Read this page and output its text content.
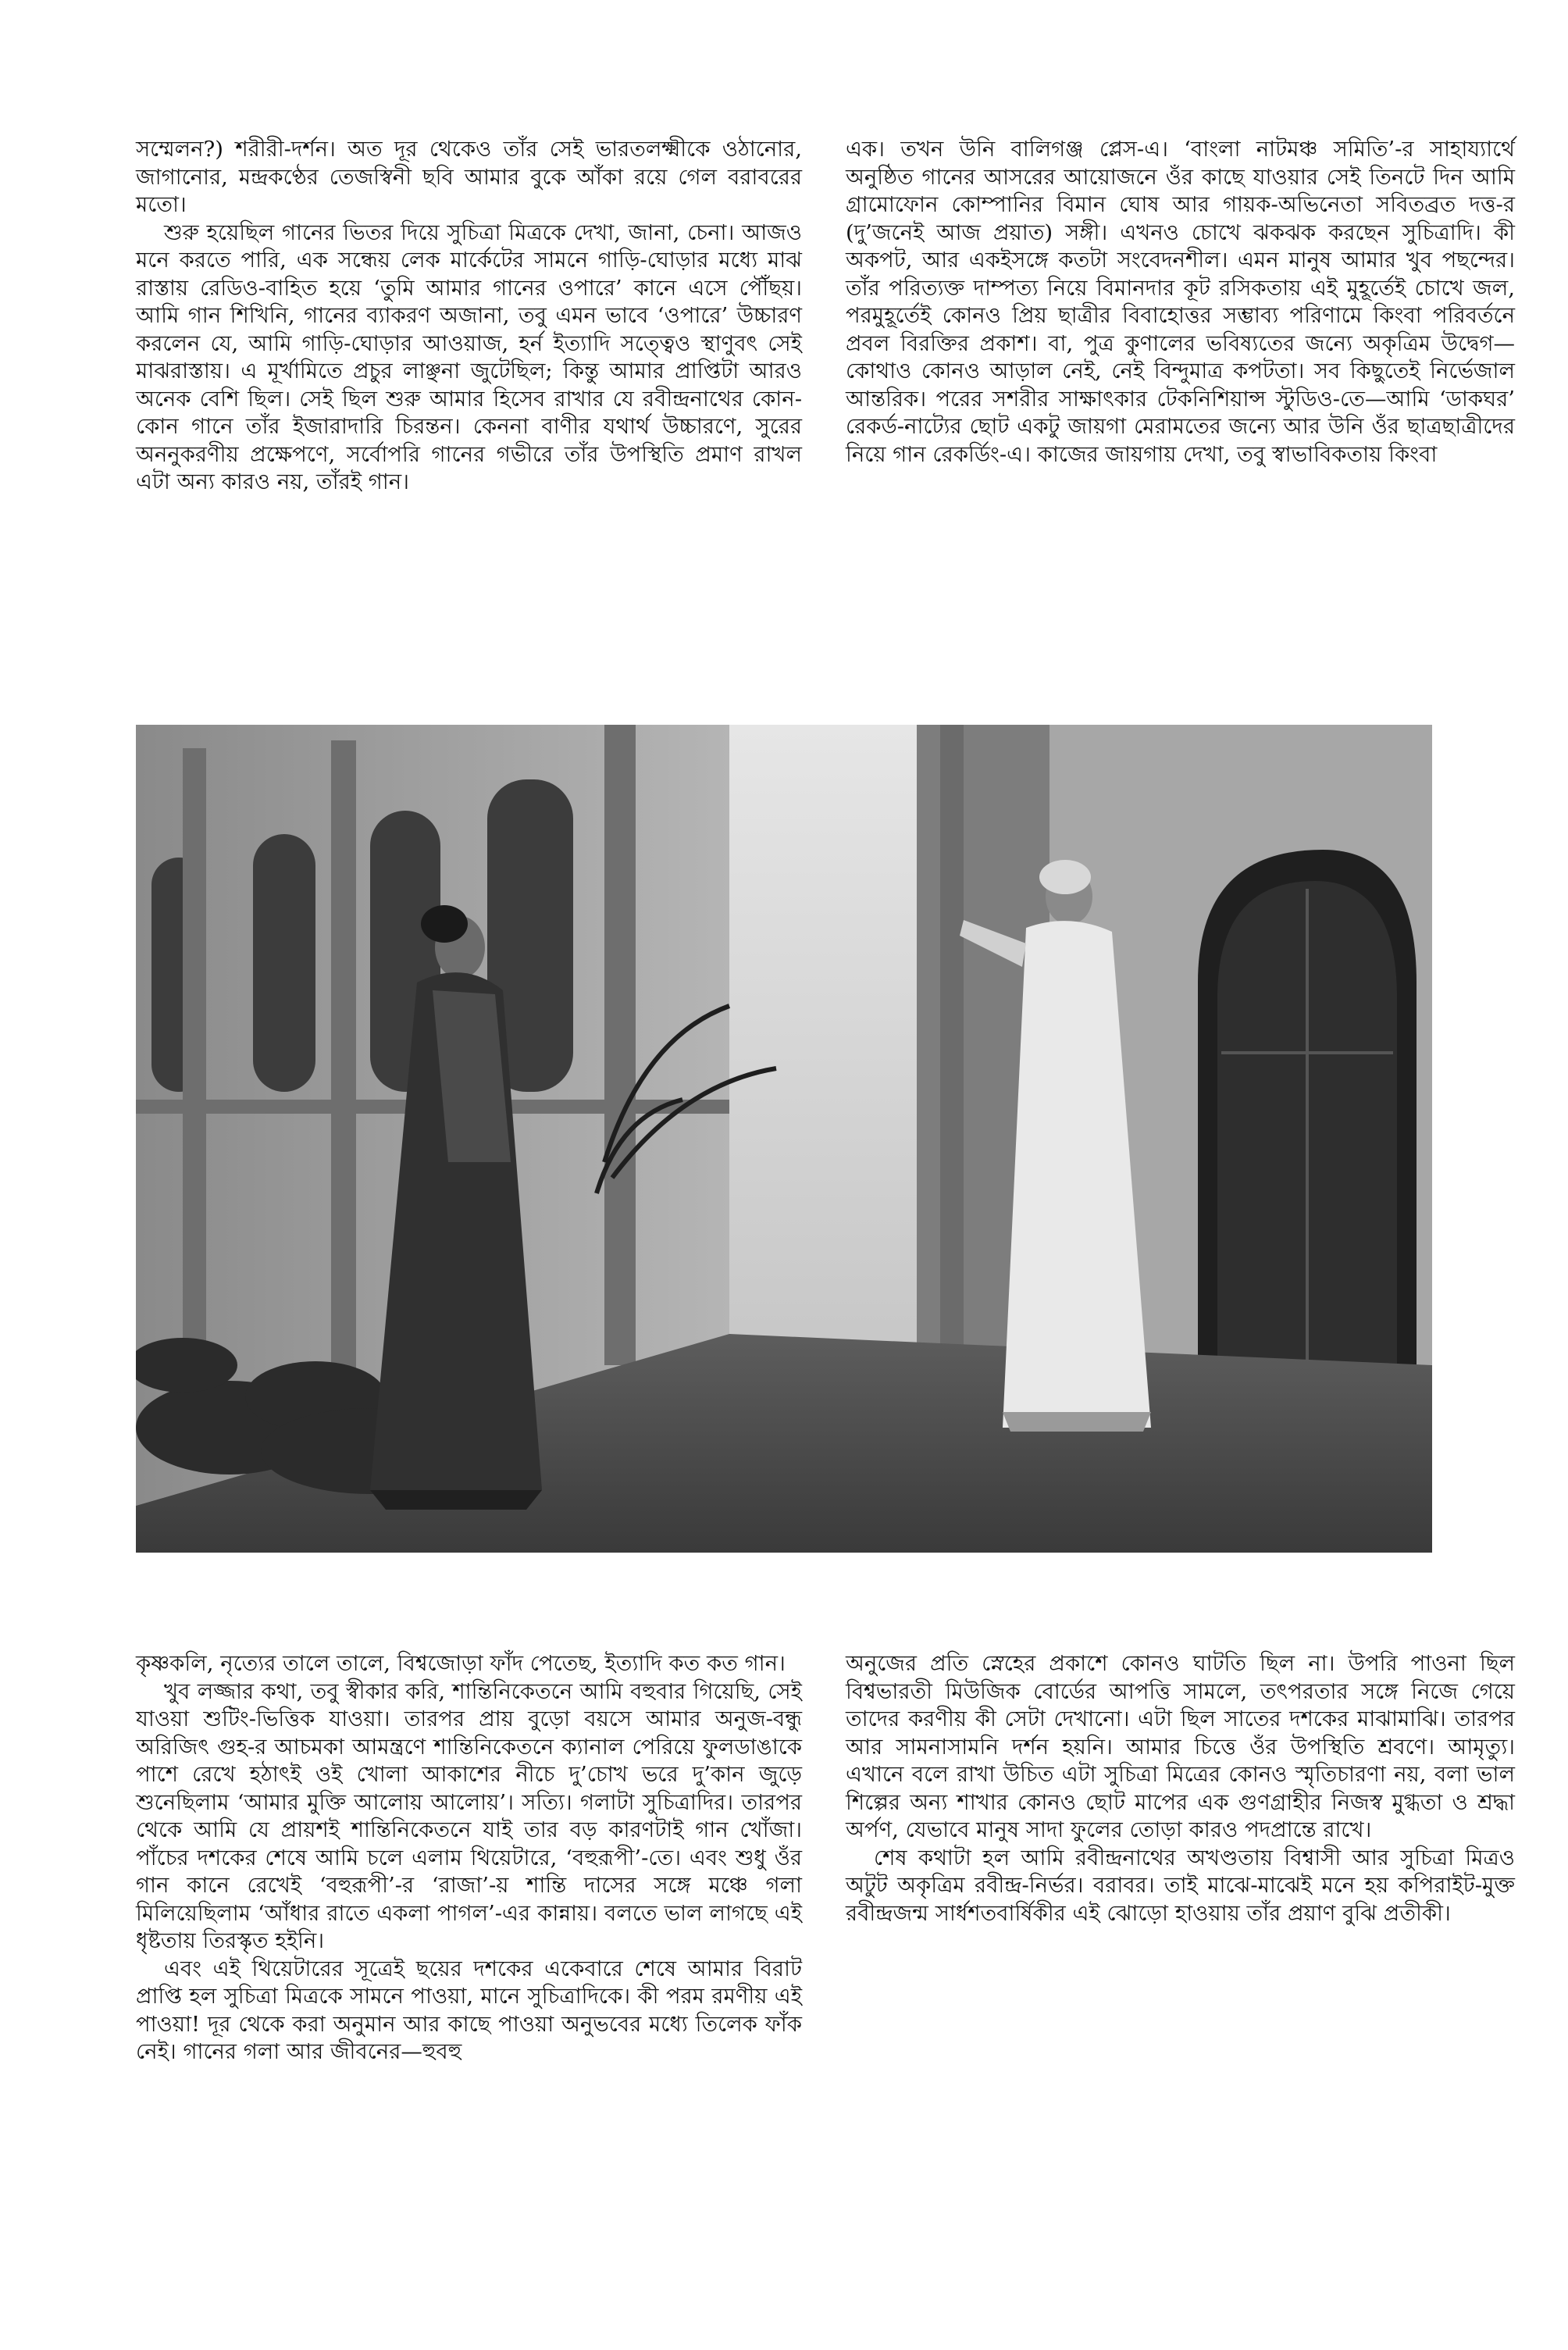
সম্মেলন?) শরীরী-দর্শন। অত দূর থেকেও তাঁর সেই ভারতলক্ষ্মীকে ওঠানোর, জাগানোর, মন্দ্রকণ্ঠের তেজস্বিনী ছবি আমার বুকে আঁকা রয়ে গেল বরাবরের মতো।

শুরু হয়েছিল গানের ভিতর দিয়ে সুচিত্রা মিত্রকে দেখা, জানা, চেনা। আজও মনে করতে পারি, এক সন্ধেয় লেক মার্কেটের সামনে গাড়ি-ঘোড়ার মধ্যে মাঝ রাস্তায় রেডিও-বাহিত হয়ে ‘তুমি আমার গানের ওপারে’ কানে এসে পৌঁছয়। আমি গান শিখিনি, গানের ব্যাকরণ অজানা, তবু এমন ভাবে ‘ওপারে’ উচ্চারণ করলেন যে, আমি গাড়ি-ঘোড়ার আওয়াজ, হর্ন ইত্যাদি সত্ত্বেও স্থাণুবৎ সেই মাঝরাস্তায়। এ মূর্খামিতে প্রচুর লাঞ্ছনা জুটেছিল; কিন্তু আমার প্রাপ্তিটা আরও অনেক বেশি ছিল। সেই ছিল শুরু আমার হিসেব রাখার যে রবীন্দ্রনাথের কোন-কোন গানে তাঁর ইজারাদারি চিরন্তন। কেননা বাণীর যথার্থ উচ্চারণে, সুরের অননুকরণীয় প্রক্ষেপণে, সর্বোপরি গানের গভীরে তাঁর উপস্থিতি প্রমাণ রাখল এটা অন্য কারও নয়, তাঁরই গান।

এক। তখন উনি বালিগঞ্জ প্লেস-এ। ‘বাংলা নাটমঞ্চ সমিতি’-র সাহায্যার্থে অনুষ্ঠিত গানের আসরের আয়োজনে ওঁর কাছে যাওয়ার সেই তিনটে দিন আমি গ্রামোফোন কোম্পানির বিমান ঘোষ আর গায়ক-অভিনেতা সবিতব্রত দত্ত-র (দু’জনেই আজ প্রয়াত) সঙ্গী। এখনও চোখে ঝকঝক করছেন সুচিত্রাদি। কী অকপট, আর একইসঙ্গে কতটা সংবেদনশীল। এমন মানুষ আমার খুব পছন্দের। তাঁর পরিত্যক্ত দাম্পত্য নিয়ে বিমানদার কূট রসিকতায় এই মুহূর্তেই চোখে জল, পরমুহূর্তেই কোনও প্রিয় ছাত্রীর বিবাহোত্তর সম্ভাব্য পরিণামে কিংবা পরিবর্তনে প্রবল বিরক্তির প্রকাশ। বা, পুত্র কুণালের ভবিষ্যতের জন্যে অকৃত্রিম উদ্বেগ—কোথাও কোনও আড়াল নেই, নেই বিন্দুমাত্র কপটতা। সব কিছুতেই নির্ভেজাল আন্তরিক। পরের সশরীর সাক্ষাৎকার টেকনিশিয়ান্স স্টুডিও-তে—আমি ‘ডাকঘর’ রেকর্ড-নাট্যের ছোট একটু জায়গা মেরামতের জন্যে আর উনি ওঁর ছাত্রছাত্রীদের নিয়ে গান রেকর্ডিং-এ। কাজের জায়গায় দেখা, তবু স্বাভাবিকতায় কিংবা

কৃষ্ণকলি, নৃত্যের তালে তালে, বিশ্বজোড়া ফাঁদ পেতেছ, ইত্যাদি কত কত গান।

খুব লজ্জার কথা, তবু স্বীকার করি, শান্তিনিকেতনে আমি বহুবার গিয়েছি, সেই যাওয়া শুটিং-ভিত্তিক যাওয়া। তারপর প্রায় বুড়ো বয়সে আমার অনুজ-বন্ধু অরিজিৎ গুহ-র আচমকা আমন্ত্রণে শান্তিনিকেতনে ক্যানাল পেরিয়ে ফুলডাঙাকে পাশে রেখে হঠাৎই ওই খোলা আকাশের নীচে দু’চোখ ভরে দু’কান জুড়ে শুনেছিলাম ‘আমার মুক্তি আলোয় আলোয়’। সত্যি। গলাটা সুচিত্রাদির। তারপর থেকে আমি যে প্রায়শই শান্তিনিকেতনে যাই তার বড় কারণটাই গান খোঁজা। পাঁচের দশকের শেষে আমি চলে এলাম থিয়েটারে, ‘বহুরূপী’-তে। এবং শুধু ওঁর গান কানে রেখেই ‘বহুরূপী’-র ‘রাজা’-য় শান্তি দাসের সঙ্গে মঞ্চে গলা মিলিয়েছিলাম ‘আঁধার রাতে একলা পাগল’-এর কান্নায়। বলতে ভাল লাগছে এই ধৃষ্টতায় তিরস্কৃত হইনি।

এবং এই থিয়েটারের সূত্রেই ছয়ের দশকের একেবারে শেষে আমার বিরাট প্রাপ্তি হল সুচিত্রা মিত্রকে সামনে পাওয়া, মানে সুচিত্রাদিকে। কী পরম রমণীয় এই পাওয়া! দূর থেকে করা অনুমান আর কাছে পাওয়া অনুভবের মধ্যে তিলেক ফাঁক নেই। গানের গলা আর জীবনের—হুবহু

অনুজের প্রতি স্নেহের প্রকাশে কোনও ঘাটতি ছিল না। উপরি পাওনা ছিল বিশ্বভারতী মিউজিক বোর্ডের আপত্তি সামলে, তৎপরতার সঙ্গে নিজে গেয়ে তাদের করণীয় কী সেটা দেখানো। এটা ছিল সাতের দশকের মাঝামাঝি। তারপর আর সামনাসামনি দর্শন হয়নি। আমার চিত্তে ওঁর উপস্থিতি শ্রবণে। আমৃত্যু। এখানে বলে রাখা উচিত এটা সুচিত্রা মিত্রের কোনও স্মৃতিচারণা নয়, বলা ভাল শিল্পের অন্য শাখার কোনও ছোট মাপের এক গুণগ্রাহীর নিজস্ব মুগ্ধতা ও শ্রদ্ধা অর্পণ, যেভাবে মানুষ সাদা ফুলের তোড়া কারও পদপ্রান্তে রাখে।

শেষ কথাটা হল আমি রবীন্দ্রনাথের অখণ্ডতায় বিশ্বাসী আর সুচিত্রা মিত্রও অটুট অকৃত্রিম রবীন্দ্র-নির্ভর। বরাবর। তাই মাঝে-মাঝেই মনে হয় কপিরাইট-মুক্ত রবীন্দ্রজন্ম সার্ধশতবার্ষিকীর এই ঝোড়ো হাওয়ায় তাঁর প্রয়াণ বুঝি প্রতীকী।
